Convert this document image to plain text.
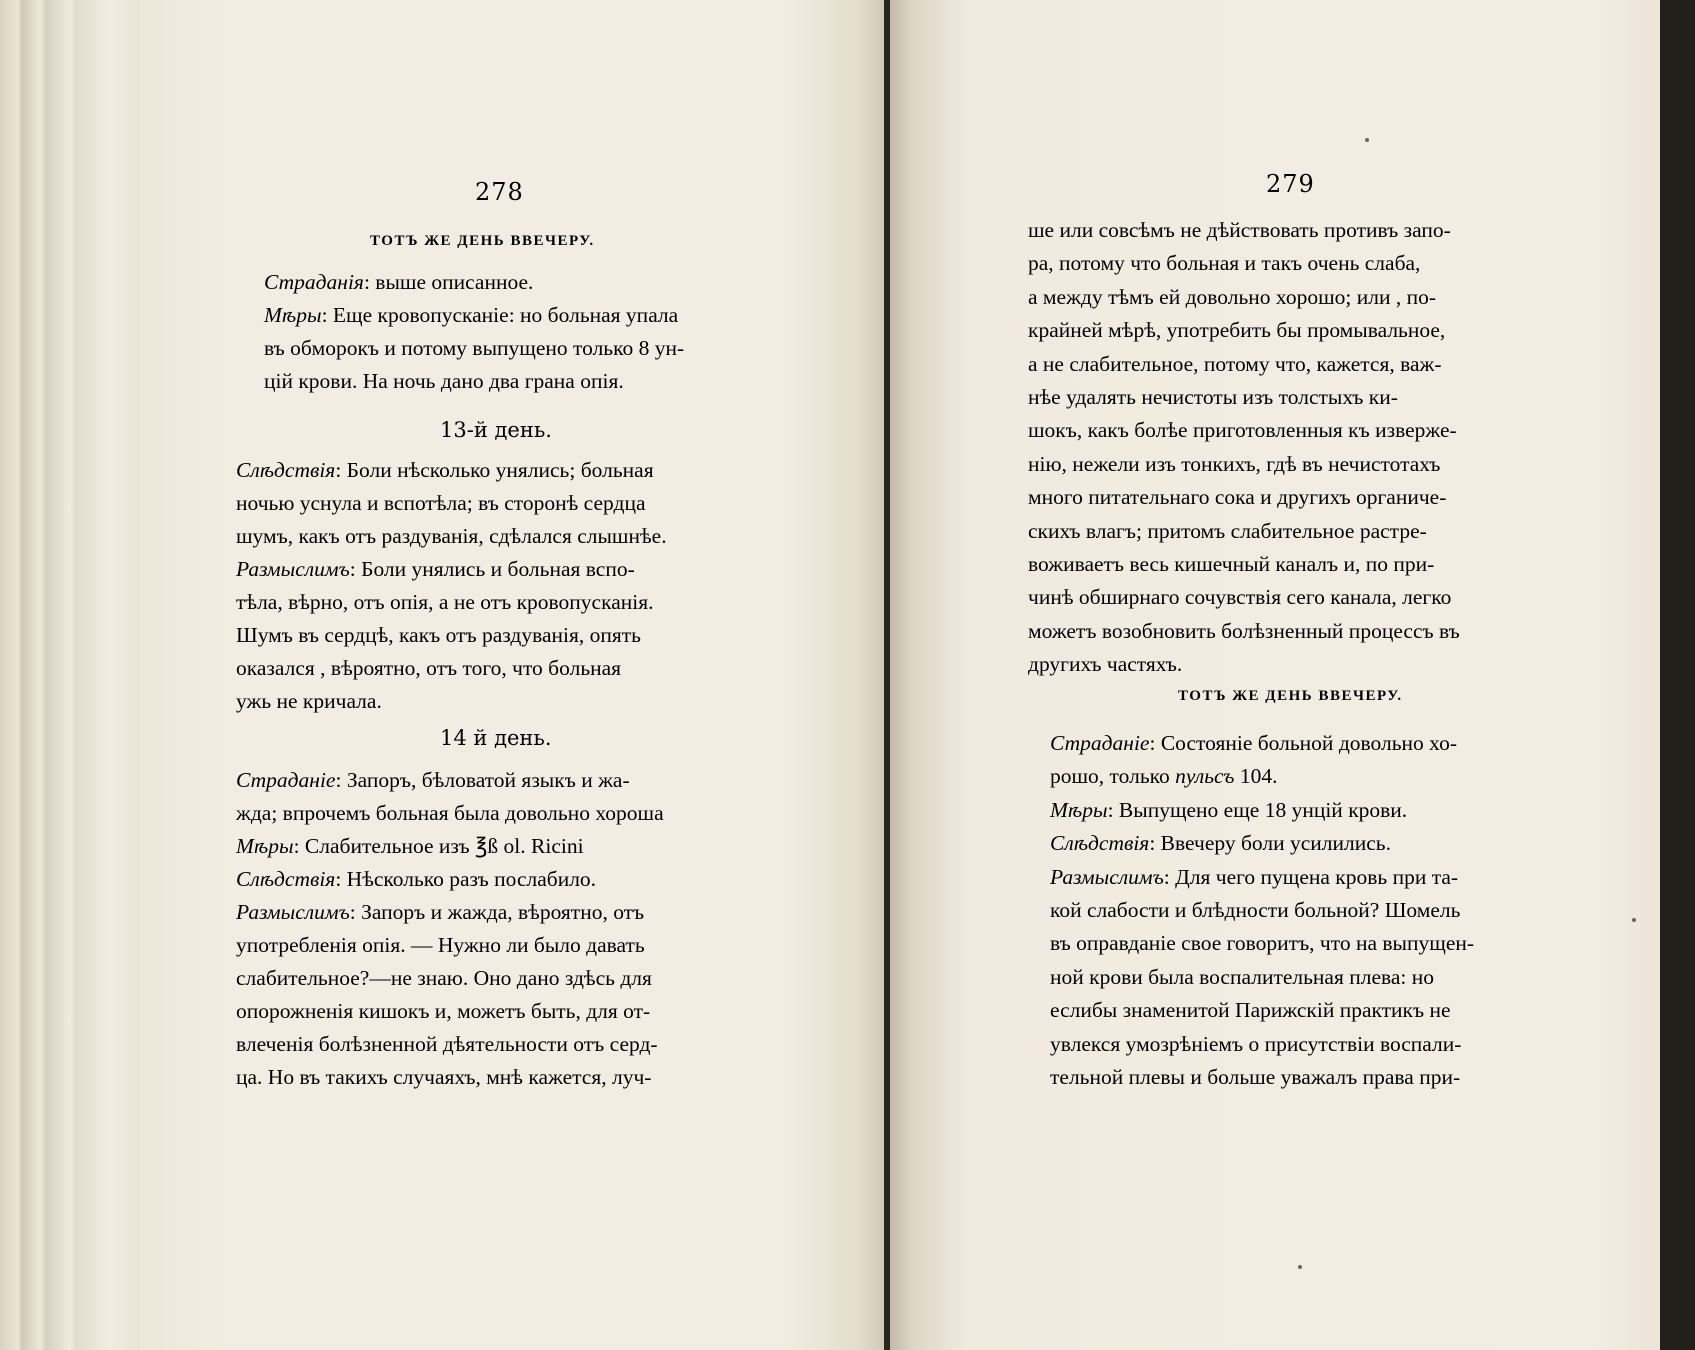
278
ТОТЪ ЖЕ ДЕНЬ ВВЕЧЕРУ.
Страданія: выше описанное.
Мѣры: Еще кровопусканіе: но больная упала
въ обморокъ и потому выпущено только 8 ун-
цій крови. На ночь дано два грана опія.
13-й день.
Слѣдствія: Боли нѣсколько унялись; больная
ночью уснула и вспотѣла; въ сторонѣ сердца
шумъ, какъ отъ раздуванія, сдѣлался слышнѣе.
Размыслимъ: Боли унялись и больная вспо-
тѣла, вѣрно, отъ опія, а не отъ кровопусканія.
Шумъ въ сердцѣ, какъ отъ раздуванія, опять
оказался , вѣроятно, отъ того, что больная
ужь не кричала.
14 й день.
Страданіе: Запоръ, бѣловатой языкъ и жа-
жда; впрочемъ больная была довольно хороша
Мѣры: Слабительное изъ ℥ß ol. Ricini
Слѣдствія: Нѣсколько разъ послабило.
Размыслимъ: Запоръ и жажда, вѣроятно, отъ
употребленія опія. — Нужно ли было давать
слабительное?—не знаю. Оно дано здѣсь для
опорожненія кишокъ и, можетъ быть, для от-
влеченія болѣзненной дѣятельности отъ серд-
ца. Но въ такихъ случаяхъ, мнѣ кажется, луч-
279
ше или совсѣмъ не дѣйствовать противъ запо-
ра, потому что больная и такъ очень слаба,
а между тѣмъ ей довольно хорошо; или , по-
крайней мѣрѣ, употребить бы промывальное,
а не слабительное, потому что, кажется, важ-
нѣе удалять нечистоты изъ толстыхъ ки-
шокъ, какъ болѣе приготовленныя къ изверже-
нію, нежели изъ тонкихъ, гдѣ въ нечистотахъ
много питательнаго сока и другихъ органиче-
скихъ влагъ; притомъ слабительное растре-
воживаетъ весь кишечный каналъ и, по при-
чинѣ обширнаго сочувствія сего канала, легко
можетъ возобновить болѣзненный процессъ въ
другихъ частяхъ.
ТОТЪ ЖЕ ДЕНЬ ВВЕЧЕРУ.
Страданіе: Состояніе больной довольно хо-
рошо, только пульсъ 104.
Мѣры: Выпущено еще 18 унцій крови.
Слѣдствія: Ввечеру боли усилились.
Размыслимъ: Для чего пущена кровь при та-
кой слабости и блѣдности больной? Шомель
въ оправданіе свое говоритъ, что на выпущен-
ной крови была воспалительная плева: но
еслибы знаменитой Парижскій практикъ не
увлекся умозрѣніемъ о присутствіи воспали-
тельной плевы и больше уважалъ права при-
